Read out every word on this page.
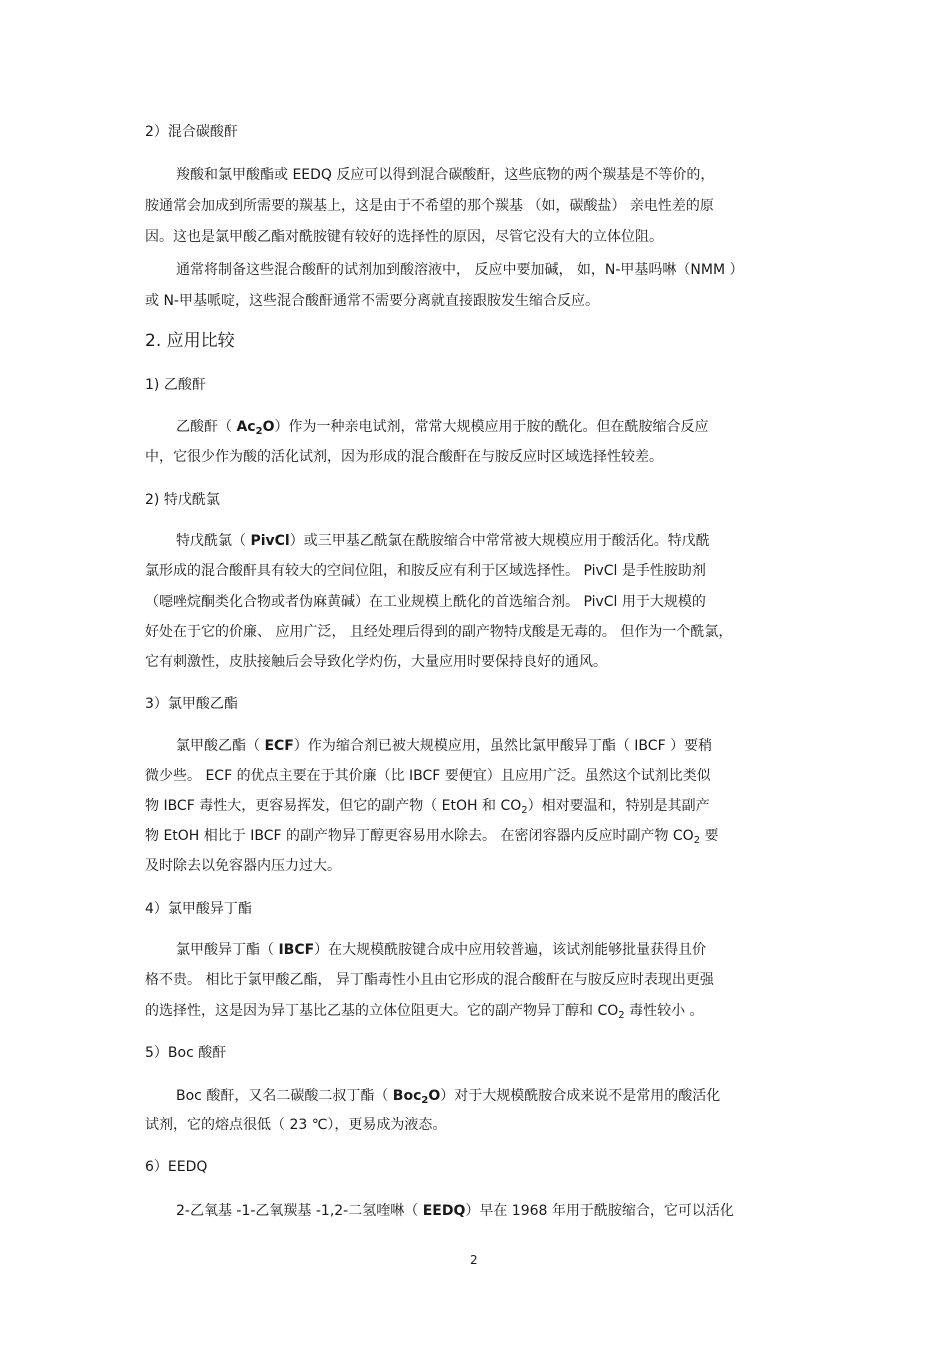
2）混合碳酸酐
羧酸和氯甲酸酯或 EEDQ 反应可以得到混合碳酸酐，这些底物的两个羰基是不等价的，
胺通常会加成到所需要的羰基上，这是由于不希望的那个羰基 （如，碳酸盐） 亲电性差的原
因。这也是氯甲酸乙酯对酰胺键有较好的选择性的原因，尽管它没有大的立体位阻。
通常将制备这些混合酸酐的试剂加到酸溶液中， 反应中要加碱， 如，N-甲基吗啉（NMM ）
或 N-甲基哌啶，这些混合酸酐通常不需要分离就直接跟胺发生缩合反应。
2. 应用比较
1) 乙酸酐
乙酸酐（ $Ac_2O$）作为一种亲电试剂，常常大规模应用于胺的酰化。但在酰胺缩合反应
中，它很少作为酸的活化试剂，因为形成的混合酸酐在与胺反应时区域选择性较差。
2) 特戊酰氯
特戊酰氯（ PivCl）或三甲基乙酰氯在酰胺缩合中常常被大规模应用于酸活化。特戊酰
氯形成的混合酸酐具有较大的空间位阻，和胺反应有利于区域选择性。 PivCl 是手性胺助剂
（噁唑烷酮类化合物或者伪麻黄碱）在工业规模上酰化的首选缩合剂。 PivCl 用于大规模的
好处在于它的价廉、 应用广泛， 且经处理后得到的副产物特戊酸是无毒的。 但作为一个酰氯，
它有刺激性，皮肤接触后会导致化学灼伤，大量应用时要保持良好的通风。
3）氯甲酸乙酯
氯甲酸乙酯（ ECF）作为缩合剂已被大规模应用，虽然比氯甲酸异丁酯（ IBCF ）要稍
微少些。 ECF 的优点主要在于其价廉（比 IBCF 要便宜）且应用广泛。虽然这个试剂比类似
物 IBCF 毒性大，更容易挥发，但它的副产物（ EtOH 和 $CO_2$）相对要温和，特别是其副产
物 EtOH 相比于 IBCF 的副产物异丁醇更容易用水除去。 在密闭容器内反应时副产物 $CO_2$ 要
及时除去以免容器内压力过大。
4）氯甲酸异丁酯
氯甲酸异丁酯（ IBCF）在大规模酰胺键合成中应用较普遍，该试剂能够批量获得且价
格不贵。 相比于氯甲酸乙酯， 异丁酯毒性小且由它形成的混合酸酐在与胺反应时表现出更强
的选择性，这是因为异丁基比乙基的立体位阻更大。它的副产物异丁醇和 $CO_2$ 毒性较小 。
5）Boc 酸酐
Boc 酸酐，又名二碳酸二叔丁酯（ Boc$_2$O）对于大规模酰胺合成来说不是常用的酸活化
试剂，它的熔点很低（ 23 ℃），更易成为液态。
6）EEDQ
2-乙氧基 -1-乙氧羰基 -1,2-二氢喹啉（ EEDQ）早在 1968 年用于酰胺缩合，它可以活化
2
